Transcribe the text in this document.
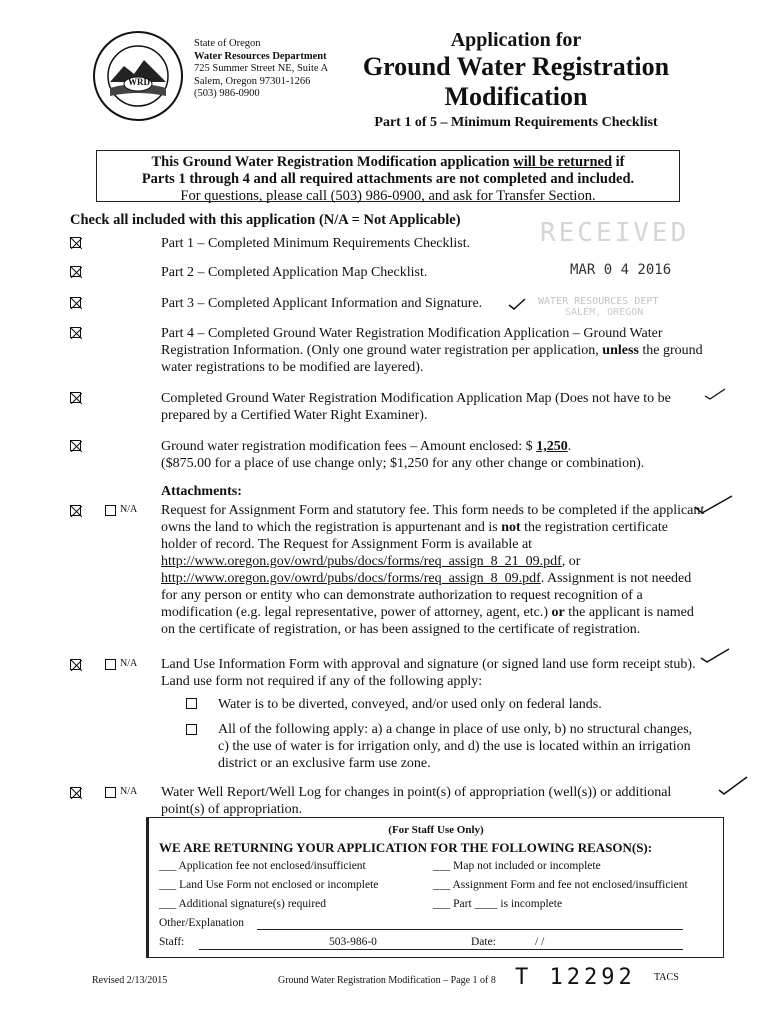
WRD
State of Oregon
Water Resources Department
725 Summer Street NE, Suite A
Salem, Oregon 97301-1266
(503) 986-0900
Application for
Ground Water Registration
Modification
Part 1 of 5 – Minimum Requirements Checklist
This Ground Water Registration Modification application will be returned if
Parts 1 through 4 and all required attachments are not completed and included.
For questions, please call (503) 986-0900, and ask for Transfer Section.
Check all included with this application (N/A = Not Applicable)	RECEIVED
MAR 0 4 2016
WATER RESOURCES DEPT
SALEM, OREGON
N/A
N/A
N/A
Part 1 – Completed Minimum Requirements Checklist.
Part 2 – Completed Application Map Checklist.
Part 3 – Completed Applicant Information and Signature.
Part 4 – Completed Ground Water Registration Modification Application – Ground Water Registration Information. (Only one ground water registration per application, unless the ground water registrations to be modified are layered).
Completed Ground Water Registration Modification Application Map (Does not have to be prepared by a Certified Water Right Examiner).
Ground water registration modification fees – Amount enclosed: $ 1,250.
($875.00 for a place of use change only; $1,250 for any other change or combination).
Attachments:
Request for Assignment Form and statutory fee. This form needs to be completed if the applicant owns the land to which the registration is appurtenant and is not the registration certificate holder of record. The Request for Assignment Form is available at http://www.oregon.gov/owrd/pubs/docs/forms/req_assign_8_21_09.pdf, or http://www.oregon.gov/owrd/pubs/docs/forms/req_assign_8_09.pdf. Assignment is not needed for any person or entity who can demonstrate authorization to request recognition of a modification (e.g. legal representative, power of attorney, agent, etc.) or the applicant is named on the certificate of registration, or has been assigned to the certificate of registration.
Land Use Information Form with approval and signature (or signed land use form receipt stub). Land use form not required if any of the following apply:
Water is to be diverted, conveyed, and/or used only on federal lands.
All of the following apply: a) a change in place of use only, b) no structural changes, c) the use of water is for irrigation only, and d) the use is located within an irrigation district or an exclusive farm use zone.
Water Well Report/Well Log for changes in point(s) of appropriation (well(s)) or additional point(s) of appropriation.
(For Staff Use Only)
WE ARE RETURNING YOUR APPLICATION FOR THE FOLLOWING REASON(S):
___ Application fee not enclosed/insufficient	___ Map not included or incomplete
___ Land Use Form not enclosed or incomplete	___ Assignment Form and fee not enclosed/insufficient
___ Additional signature(s) required	___ Part ____ is incomplete
Other/Explanation
Staff:	503-986-0	Date:	/ /
Revised 2/13/2015	Ground Water Registration Modification – Page 1 of 8 T 12292 TACS
